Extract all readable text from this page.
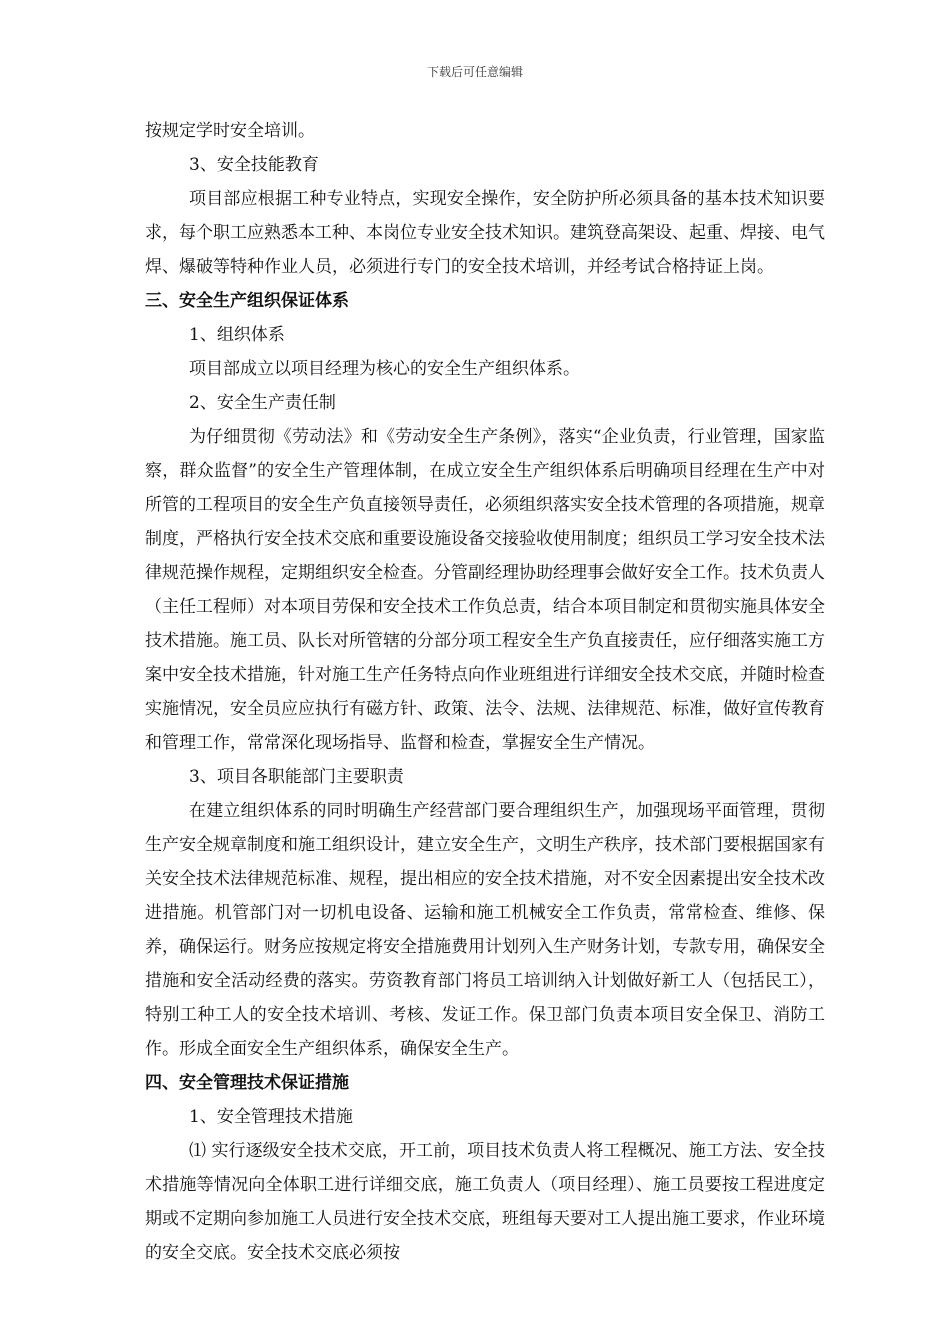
下载后可任意编辑

按规定学时安全培训。

3、安全技能教育

项目部应根据工种专业特点，实现安全操作，安全防护所必须具备的基本技术知识要求，每个职工应熟悉本工种、本岗位专业安全技术知识。建筑登高架设、起重、焊接、电气焊、爆破等特种作业人员，必须进行专门的安全技术培训，并经考试合格持证上岗。

三、安全生产组织保证体系

1、组织体系

项目部成立以项目经理为核心的安全生产组织体系。

2、安全生产责任制

为仔细贯彻《劳动法》和《劳动安全生产条例》，落实“企业负责，行业管理，国家监察，群众监督”的安全生产管理体制，在成立安全生产组织体系后明确项目经理在生产中对所管的工程项目的安全生产负直接领导责任，必须组织落实安全技术管理的各项措施，规章制度，严格执行安全技术交底和重要设施设备交接验收使用制度；组织员工学习安全技术法律规范操作规程，定期组织安全检查。分管副经理协助经理事会做好安全工作。技术负责人（主任工程师）对本项目劳保和安全技术工作负总责，结合本项目制定和贯彻实施具体安全技术措施。施工员、队长对所管辖的分部分项工程安全生产负直接责任，应仔细落实施工方案中安全技术措施，针对施工生产任务特点向作业班组进行详细安全技术交底，并随时检查实施情况，安全员应应执行有磁方针、政策、法令、法规、法律规范、标准，做好宣传教育和管理工作，常常深化现场指导、监督和检查，掌握安全生产情况。

3、项目各职能部门主要职责

在建立组织体系的同时明确生产经营部门要合理组织生产，加强现场平面管理，贯彻生产安全规章制度和施工组织设计，建立安全生产，文明生产秩序，技术部门要根据国家有关安全技术法律规范标准、规程，提出相应的安全技术措施，对不安全因素提出安全技术改进措施。机管部门对一切机电设备、运输和施工机械安全工作负责，常常检查、维修、保养，确保运行。财务应按规定将安全措施费用计划列入生产财务计划，专款专用，确保安全措施和安全活动经费的落实。劳资教育部门将员工培训纳入计划做好新工人（包括民工），特别工种工人的安全技术培训、考核、发证工作。保卫部门负责本项目安全保卫、消防工作。形成全面安全生产组织体系，确保安全生产。

四、安全管理技术保证措施

1、安全管理技术措施

⑴ 实行逐级安全技术交底，开工前，项目技术负责人将工程概况、施工方法、安全技术措施等情况向全体职工进行详细交底，施工负责人（项目经理）、施工员要按工程进度定期或不定期向参加施工人员进行安全技术交底，班组每天要对工人提出施工要求，作业环境的安全交底。安全技术交底必须按
